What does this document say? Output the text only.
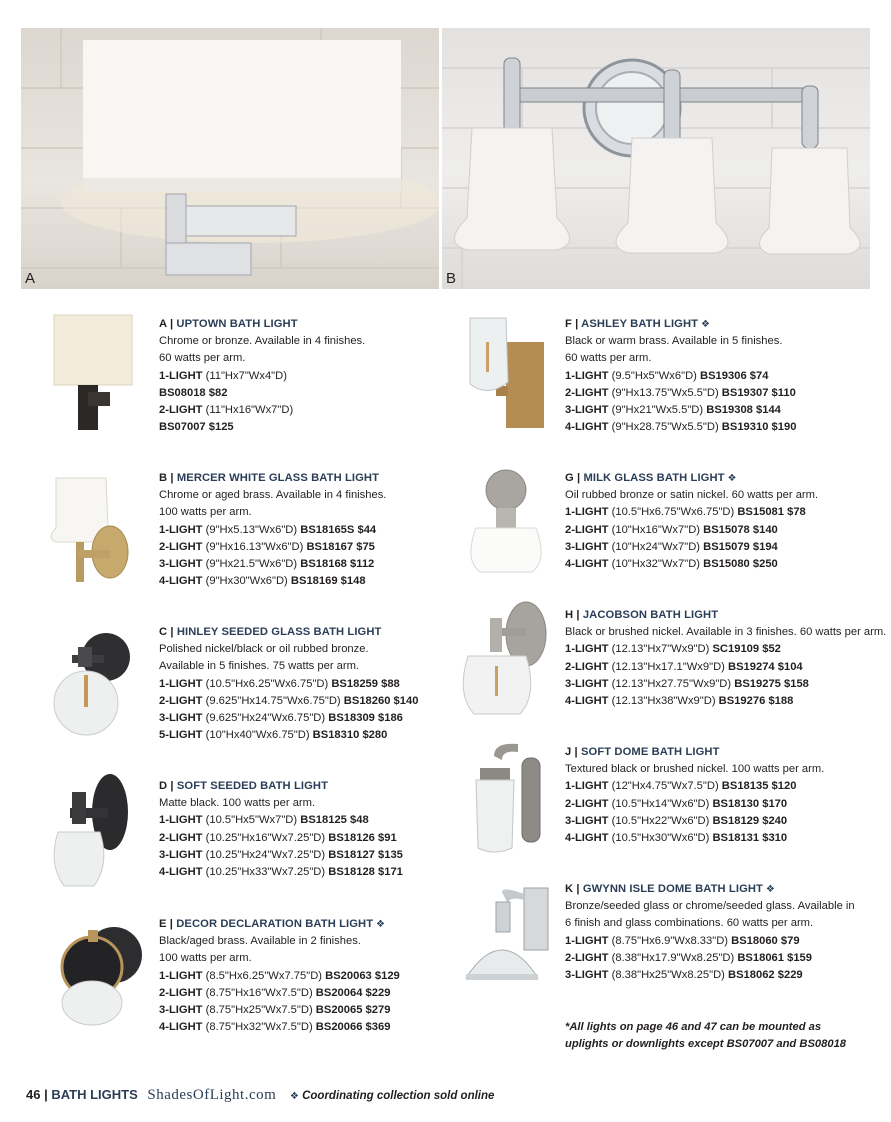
A	B
A | UPTOWN BATH LIGHT
Chrome or bronze. Available in 4 finishes.
60 watts per arm.
1-LIGHT (11"Hx7"Wx4"D)
BS08018 $82
2-LIGHT (11"Hx16"Wx7"D)
BS07007 $125
B | MERCER WHITE GLASS BATH LIGHT
Chrome or aged brass. Available in 4 finishes.
100 watts per arm.
1-LIGHT (9"Hx5.13"Wx6"D) BS18165S $44
2-LIGHT (9"Hx16.13"Wx6"D) BS18167 $75
3-LIGHT (9"Hx21.5"Wx6"D) BS18168 $112
4-LIGHT (9"Hx30"Wx6"D) BS18169 $148
C | HINLEY SEEDED GLASS BATH LIGHT
Polished nickel/black or oil rubbed bronze.
Available in 5 finishes. 75 watts per arm.
1-LIGHT (10.5"Hx6.25"Wx6.75"D) BS18259 $88
2-LIGHT (9.625"Hx14.75"Wx6.75"D) BS18260 $140
3-LIGHT (9.625"Hx24"Wx6.75"D) BS18309 $186
5-LIGHT (10"Hx40"Wx6.75"D) BS18310 $280
D | SOFT SEEDED BATH LIGHT
Matte black. 100 watts per arm.
1-LIGHT (10.5"Hx5"Wx7"D) BS18125 $48
2-LIGHT (10.25"Hx16"Wx7.25"D) BS18126 $91
3-LIGHT (10.25"Hx24"Wx7.25"D) BS18127 $135
4-LIGHT (10.25"Hx33"Wx7.25"D) BS18128 $171
E | DECOR DECLARATION BATH LIGHT ❖
Black/aged brass. Available in 2 finishes.
100 watts per arm.
1-LIGHT (8.5"Hx6.25"Wx7.75"D) BS20063 $129
2-LIGHT (8.75"Hx16"Wx7.5"D) BS20064 $229
3-LIGHT (8.75"Hx25"Wx7.5"D) BS20065 $279
4-LIGHT (8.75"Hx32"Wx7.5"D) BS20066 $369
F | ASHLEY BATH LIGHT ❖
Black or warm brass. Available in 5 finishes.
60 watts per arm.
1-LIGHT (9.5"Hx5"Wx6"D) BS19306 $74
2-LIGHT (9"Hx13.75"Wx5.5"D) BS19307 $110
3-LIGHT (9"Hx21"Wx5.5"D) BS19308 $144
4-LIGHT (9"Hx28.75"Wx5.5"D) BS19310 $190
G | MILK GLASS BATH LIGHT ❖
Oil rubbed bronze or satin nickel. 60 watts per arm.
1-LIGHT (10.5"Hx6.75"Wx6.75"D) BS15081 $78
2-LIGHT (10"Hx16"Wx7"D) BS15078 $140
3-LIGHT (10"Hx24"Wx7"D) BS15079 $194
4-LIGHT (10"Hx32"Wx7"D) BS15080 $250
H | JACOBSON BATH LIGHT
Black or brushed nickel. Available in 3 finishes. 60 watts per arm.
1-LIGHT (12.13"Hx7"Wx9"D) SC19109 $52
2-LIGHT (12.13"Hx17.1"Wx9"D) BS19274 $104
3-LIGHT (12.13"Hx27.75"Wx9"D) BS19275 $158
4-LIGHT (12.13"Hx38"Wx9"D) BS19276 $188
J | SOFT DOME BATH LIGHT
Textured black or brushed nickel. 100 watts per arm.
1-LIGHT (12"Hx4.75"Wx7.5"D) BS18135 $120
2-LIGHT (10.5"Hx14"Wx6"D) BS18130 $170
3-LIGHT (10.5"Hx22"Wx6"D) BS18129 $240
4-LIGHT (10.5"Hx30"Wx6"D) BS18131 $310
K | GWYNN ISLE DOME BATH LIGHT ❖
Bronze/seeded glass or chrome/seeded glass. Available in
6 finish and glass combinations. 60 watts per arm.
1-LIGHT (8.75"Hx6.9"Wx8.33"D) BS18060 $79
2-LIGHT (8.38"Hx17.9"Wx8.25"D) BS18061 $159
3-LIGHT (8.38"Hx25"Wx8.25"D) BS18062 $229
*All lights on page 46 and 47 can be mounted as
uplights or downlights except BS07007 and BS08018
46 | BATH LIGHTS ShadesOfLight.com ❖ Coordinating collection sold online
